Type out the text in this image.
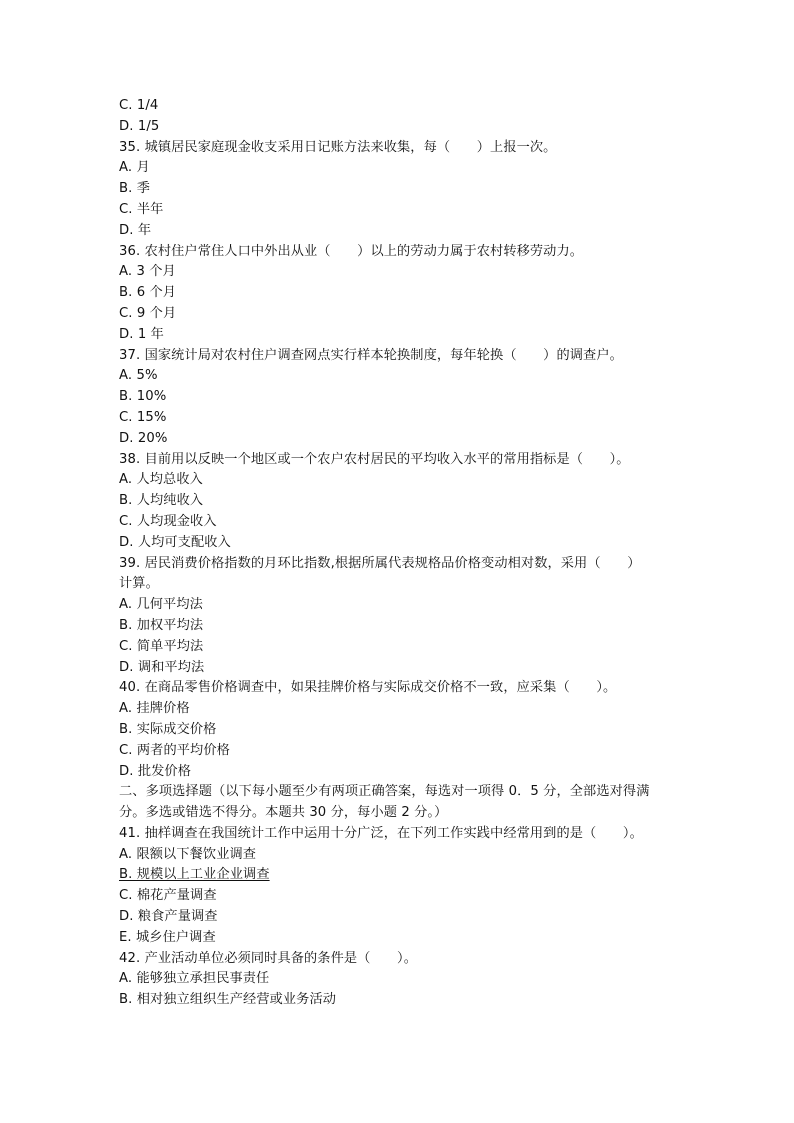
C. 1/4
D. 1/5
35. 城镇居民家庭现金收支采用日记账方法来收集，每（　　）上报一次。
A. 月
B. 季
C. 半年
D. 年
36. 农村住户常住人口中外出从业（　　）以上的劳动力属于农村转移劳动力。
A. 3 个月
B. 6 个月
C. 9 个月
D. 1 年
37. 国家统计局对农村住户调查网点实行样本轮换制度，每年轮换（　　）的调查户。
A. 5%
B. 10%
C. 15%
D. 20%
38. 目前用以反映一个地区或一个农户农村居民的平均收入水平的常用指标是（　　）。
A. 人均总收入
B. 人均纯收入
C. 人均现金收入
D. 人均可支配收入
39. 居民消费价格指数的月环比指数,根据所属代表规格品价格变动相对数，采用（　　）
计算。
A. 几何平均法
B. 加权平均法
C. 简单平均法
D. 调和平均法
40. 在商品零售价格调查中，如果挂牌价格与实际成交价格不一致，应采集（　　）。
A. 挂牌价格
B. 实际成交价格
C. 两者的平均价格
D. 批发价格
二、多项选择题（以下每小题至少有两项正确答案，每选对一项得 0．5 分，全部选对得满
分。多选或错选不得分。本题共 30 分，每小题 2 分。）
41. 抽样调查在我国统计工作中运用十分广泛，在下列工作实践中经常用到的是（　　）。
A. 限额以下餐饮业调查
B. 规模以上工业企业调查
C. 棉花产量调查
D. 粮食产量调查
E. 城乡住户调查
42. 产业活动单位必须同时具备的条件是（　　）。
A. 能够独立承担民事责任
B. 相对独立组织生产经营或业务活动
